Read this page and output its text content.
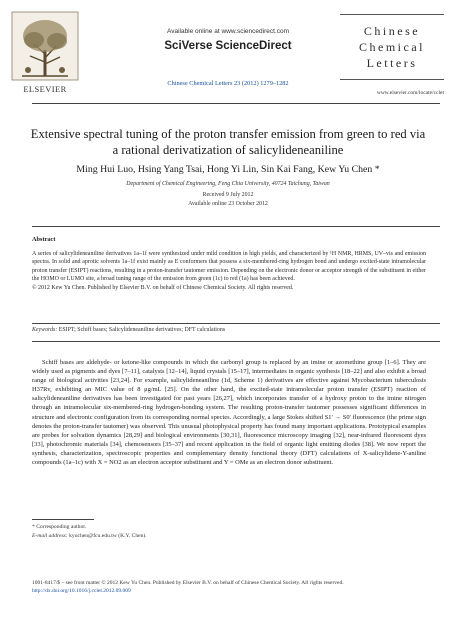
ELSEVIER
Available online at www.sciencedirect.com
SciVerse ScienceDirect
Chinese Chemical Letters 23 (2012) 1279–1282
Chinese
Chemical
Letters
www.elsevier.com/locate/cclet
Extensive spectral tuning of the proton transfer emission from green to red via a rational derivatization of salicylideneaniline
Ming Hui Luo, Hsing Yang Tsai, Hong Yi Lin, Sin Kai Fang, Kew Yu Chen *
Department of Chemical Engineering, Feng Chia University, 40724 Taichung, Taiwan
Received 9 July 2012
Available online 23 October 2012
Abstract
A series of salicylideneaniline derivatives 1a–1f were synthesized under mild condition in high yields, and characterized by ¹H NMR, HRMS, UV–vis and emission spectra. In solid and aprotic solvents 1a–1f exist mainly as E conformers that possess a six-membered-ring hydrogen bond and undergo excited-state intramolecular proton transfer (ESIPT) reactions, resulting in a proton-transfer tautomer emission. Depending on the electronic donor or acceptor strength of the substituent in either the HOMO or LUMO site, a broad tuning range of the emission from green (1c) to red (1a) has been achieved.
© 2012 Kew Yu Chen. Published by Elsevier B.V. on behalf of Chinese Chemical Society. All rights reserved.
Keywords: ESIPT; Schiff bases; Salicylideneaniline derivatives; DFT calculations

Schiff bases are aldehyde- or ketone-like compounds in which the carbonyl group is replaced by an imine or azomethine group [1–6]. They are widely used as pigments and dyes [7–11], catalysts [12–14], liquid crystals [15–17], intermediates in organic synthesis [18–22] and also exhibit a broad range of biological activities [23,24]. For example, salicylideneaniline (1d, Scheme 1) derivatives are effective against Mycobacterium tuberculosis H37Rv, exhibiting an MIC value of 8 μg/mL [25]. On the other hand, the excited-state intramolecular proton transfer (ESIPT) reaction of salicylideneaniline derivatives has been investigated for past years [26,27], which incorporates transfer of a hydroxy proton to the imine nitrogen through an intramolecular six-membered-ring hydrogen-bonding system. The resulting proton-transfer tautomer possesses significant differences in structure and electronic configuration from its corresponding normal species. Accordingly, a large Stokes shifted S1′ → S0′ fluorescence (the prime sign denotes the proton-transfer tautomer) was observed. This unusual photophysical property has found many important applications. Prototypical examples are probes for solvation dynamics [28,29] and biological environments [30,31], fluorescence microscopy imaging [32], near-infrared fluorescent dyes [33], photochromic materials [34], chemosensors [35–37] and recent application in the field of organic light emitting diodes [38]. We now report the synthesis, characterization, spectroscopic properties and complementary density functional theory (DFT) calculations of X-salicylidene-Y-aniline compounds (1a–1c) with X = NO2 as an electron acceptor substituent and Y = OMe as an electron donor substituent.

* Corresponding author.
E-mail address: kyuchen@fcu.edu.tw (K.Y. Chen).
1001-8417/$ – see front matter © 2012 Kew Yu Chen. Published by Elsevier B.V. on behalf of Chinese Chemical Society. All rights reserved.
http://dx.doi.org/10.1016/j.cclet.2012.09.009
